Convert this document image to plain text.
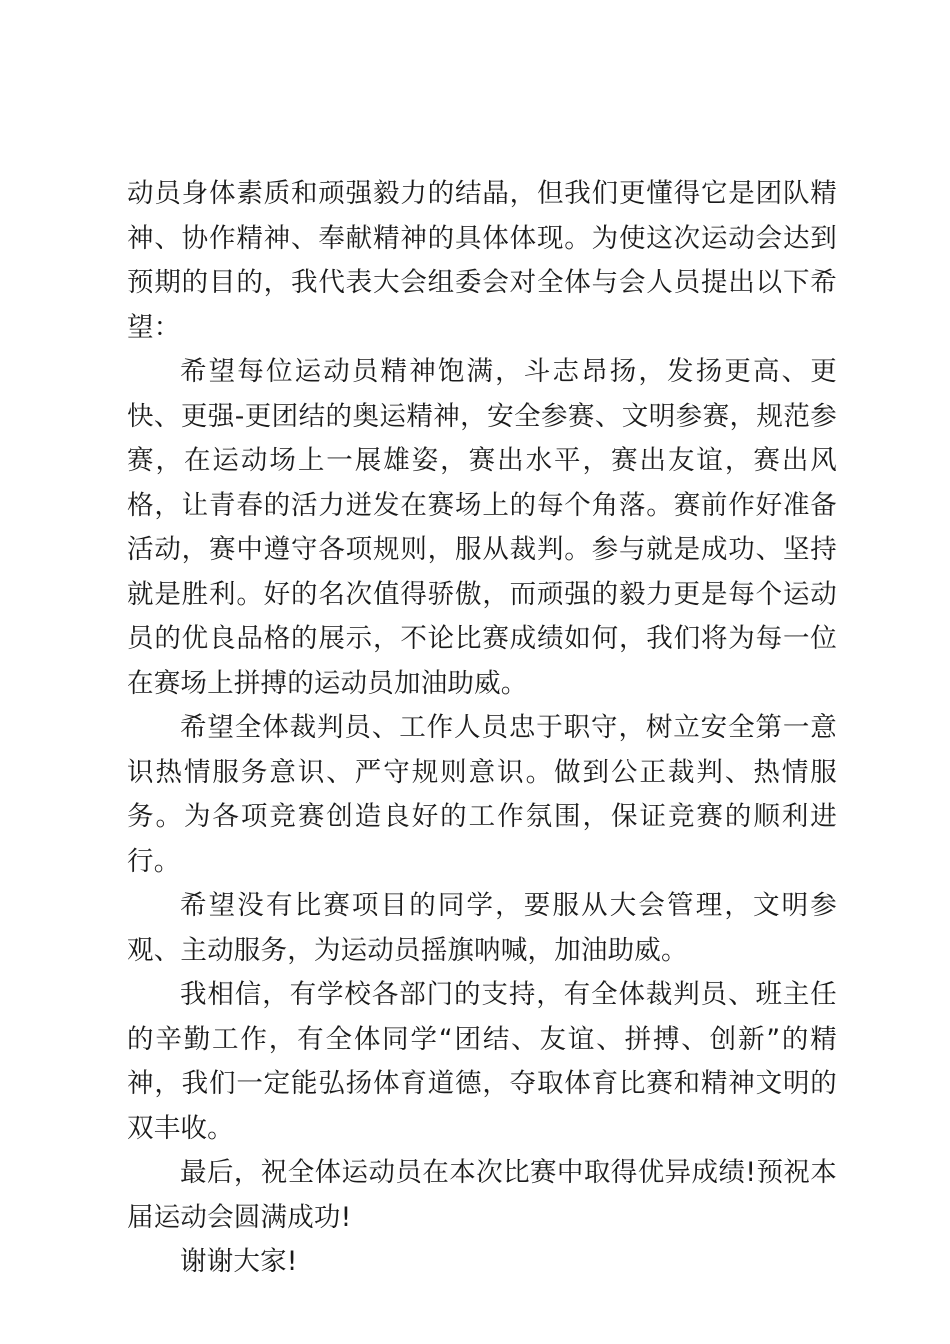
动员身体素质和顽强毅力的结晶，但我们更懂得它是团队精神、协作精神、奉献精神的具体体现。为使这次运动会达到预期的目的，我代表大会组委会对全体与会人员提出以下希望：

希望每位运动员精神饱满，斗志昂扬，发扬更高、更快、更强-更团结的奥运精神，安全参赛、文明参赛，规范参赛，在运动场上一展雄姿，赛出水平，赛出友谊，赛出风格，让青春的活力迸发在赛场上的每个角落。赛前作好准备活动，赛中遵守各项规则，服从裁判。参与就是成功、坚持就是胜利。好的名次值得骄傲，而顽强的毅力更是每个运动员的优良品格的展示，不论比赛成绩如何，我们将为每一位在赛场上拼搏的运动员加油助威。

希望全体裁判员、工作人员忠于职守，树立安全第一意识热情服务意识、严守规则意识。做到公正裁判、热情服务。为各项竞赛创造良好的工作氛围，保证竞赛的顺利进行。

希望没有比赛项目的同学，要服从大会管理，文明参观、主动服务，为运动员摇旗呐喊，加油助威。

我相信，有学校各部门的支持，有全体裁判员、班主任的辛勤工作，有全体同学“团结、友谊、拼搏、创新”的精神，我们一定能弘扬体育道德，夺取体育比赛和精神文明的双丰收。

最后，祝全体运动员在本次比赛中取得优异成绩!预祝本届运动会圆满成功!

谢谢大家!
